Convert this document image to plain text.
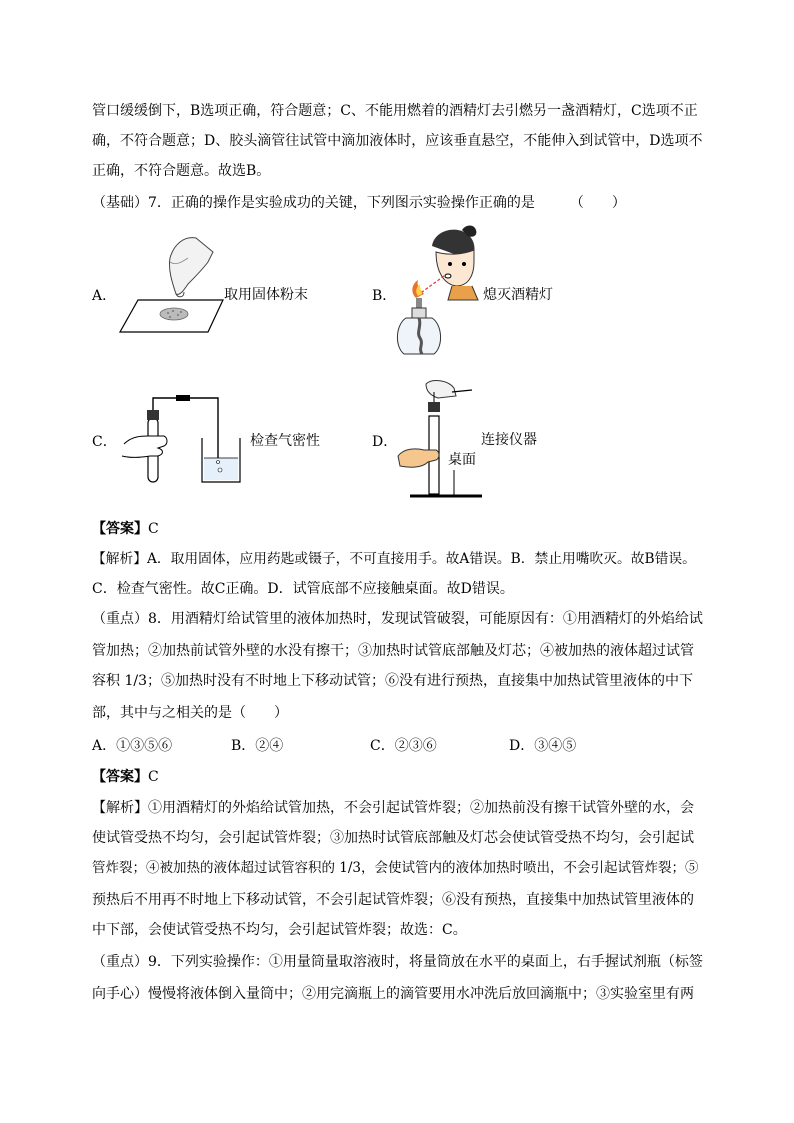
管口缓缓倒下，B选项正确，符合题意；C、不能用燃着的酒精灯去引燃另一盏酒精灯，C选项不正
确，不符合题意；D、胶头滴管往试管中滴加液体时，应该垂直悬空，不能伸入到试管中，D选项不
正确，不符合题意。故选B。
（基础）7．正确的操作是实验成功的关键，下列图示实验操作正确的是　　　（　　）
A．	取用固体粉末	B．	熄灭酒精灯
C．	检查气密性	D．	连接仪器
桌面
【答案】C
【解析】A．取用固体，应用药匙或镊子，不可直接用手。故A错误。B．禁止用嘴吹灭。故B错误。
C．检查气密性。故C正确。D．试管底部不应接触桌面。故D错误。
（重点）8．用酒精灯给试管里的液体加热时，发现试管破裂，可能原因有：①用酒精灯的外焰给试
管加热；②加热前试管外壁的水没有擦干；③加热时试管底部触及灯芯；④被加热的液体超过试管
容积 1/3；⑤加热时没有不时地上下移动试管；⑥没有进行预热，直接集中加热试管里液体的中下
部，其中与之相关的是（　　）
A．①③⑤⑥	B．②④	C．②③⑥	D．③④⑤
【答案】C
【解析】①用酒精灯的外焰给试管加热，不会引起试管炸裂；②加热前没有擦干试管外壁的水，会
使试管受热不均匀，会引起试管炸裂；③加热时试管底部触及灯芯会使试管受热不均匀，会引起试
管炸裂；④被加热的液体超过试管容积的 1/3，会使试管内的液体加热时喷出，不会引起试管炸裂；⑤
预热后不用再不时地上下移动试管，不会引起试管炸裂；⑥没有预热，直接集中加热试管里液体的
中下部，会使试管受热不均匀，会引起试管炸裂；故选：C。
（重点）9．下列实验操作：①用量筒量取溶液时，将量筒放在水平的桌面上，右手握试剂瓶（标签
向手心）慢慢将液体倒入量筒中；②用完滴瓶上的滴管要用水冲洗后放回滴瓶中；③实验室里有两
